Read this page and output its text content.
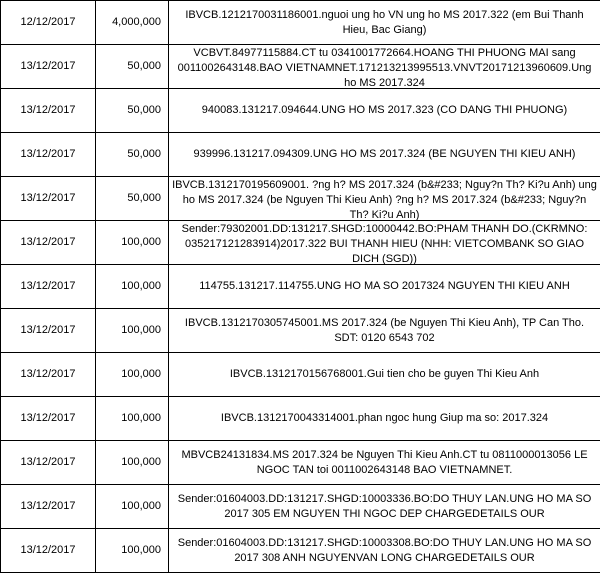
12/12/2017	4,000,000	IBVCB.1212170031186001.nguoi ung ho VN ung ho MS 2017.322 (em Bui Thanh Hieu, Bac Giang)

13/12/2017	50,000	VCBVT.84977115884.CT tu 0341001772664.HOANG THI PHUONG MAI sang 0011002643148.BAO VIETNAMNET.171213213995513.VNVT20171213960609.Ung ho MS 2017.324

13/12/2017	50,000	940083.131217.094644.UNG HO MS 2017.323 (CO DANG THI PHUONG)

13/12/2017	50,000	939996.131217.094309.UNG HO MS 2017.324 (BE NGUYEN THI KIEU ANH)

13/12/2017	50,000	IBVCB.1312170195609001. ?ng h? MS 2017.324 (b&#233; Nguy?n Th? Ki?u Anh) ung ho MS 2017.324 (be Nguyen Thi Kieu Anh) ?ng h? MS 2017.324 (b&#233; Nguy?n Th? Ki?u Anh)

13/12/2017	100,000	Sender:79302001.DD:131217.SHGD:10000442.BO:PHAM THANH DO.(CKRMNO: 035217121283914)2017.322 BUI THANH HIEU (NHH: VIETCOMBANK SO GIAO DICH (SGD))

13/12/2017	100,000	114755.131217.114755.UNG HO MA SO 2017324 NGUYEN THI KIEU ANH

13/12/2017	100,000	IBVCB.1312170305745001.MS 2017.324 (be Nguyen Thi Kieu Anh), TP Can Tho. SDT: 0120 6543 702

13/12/2017	100,000	IBVCB.1312170156768001.Gui tien cho be guyen Thi Kieu Anh

13/12/2017	100,000	IBVCB.1312170043314001.phan ngoc hung Giup ma so: 2017.324

13/12/2017	100,000	MBVCB24131834.MS 2017.324 be Nguyen Thi Kieu Anh.CT tu 0811000013056 LE NGOC TAN toi 0011002643148 BAO VIETNAMNET.

13/12/2017	100,000	Sender:01604003.DD:131217.SHGD:10003336.BO:DO THUY LAN.UNG HO MA SO 2017 305 EM NGUYEN THI NGOC DEP CHARGEDETAILS OUR

13/12/2017	100,000	Sender:01604003.DD:131217.SHGD:10003308.BO:DO THUY LAN.UNG HO MA SO 2017 308 ANH NGUYENVAN LONG CHARGEDETAILS OUR
